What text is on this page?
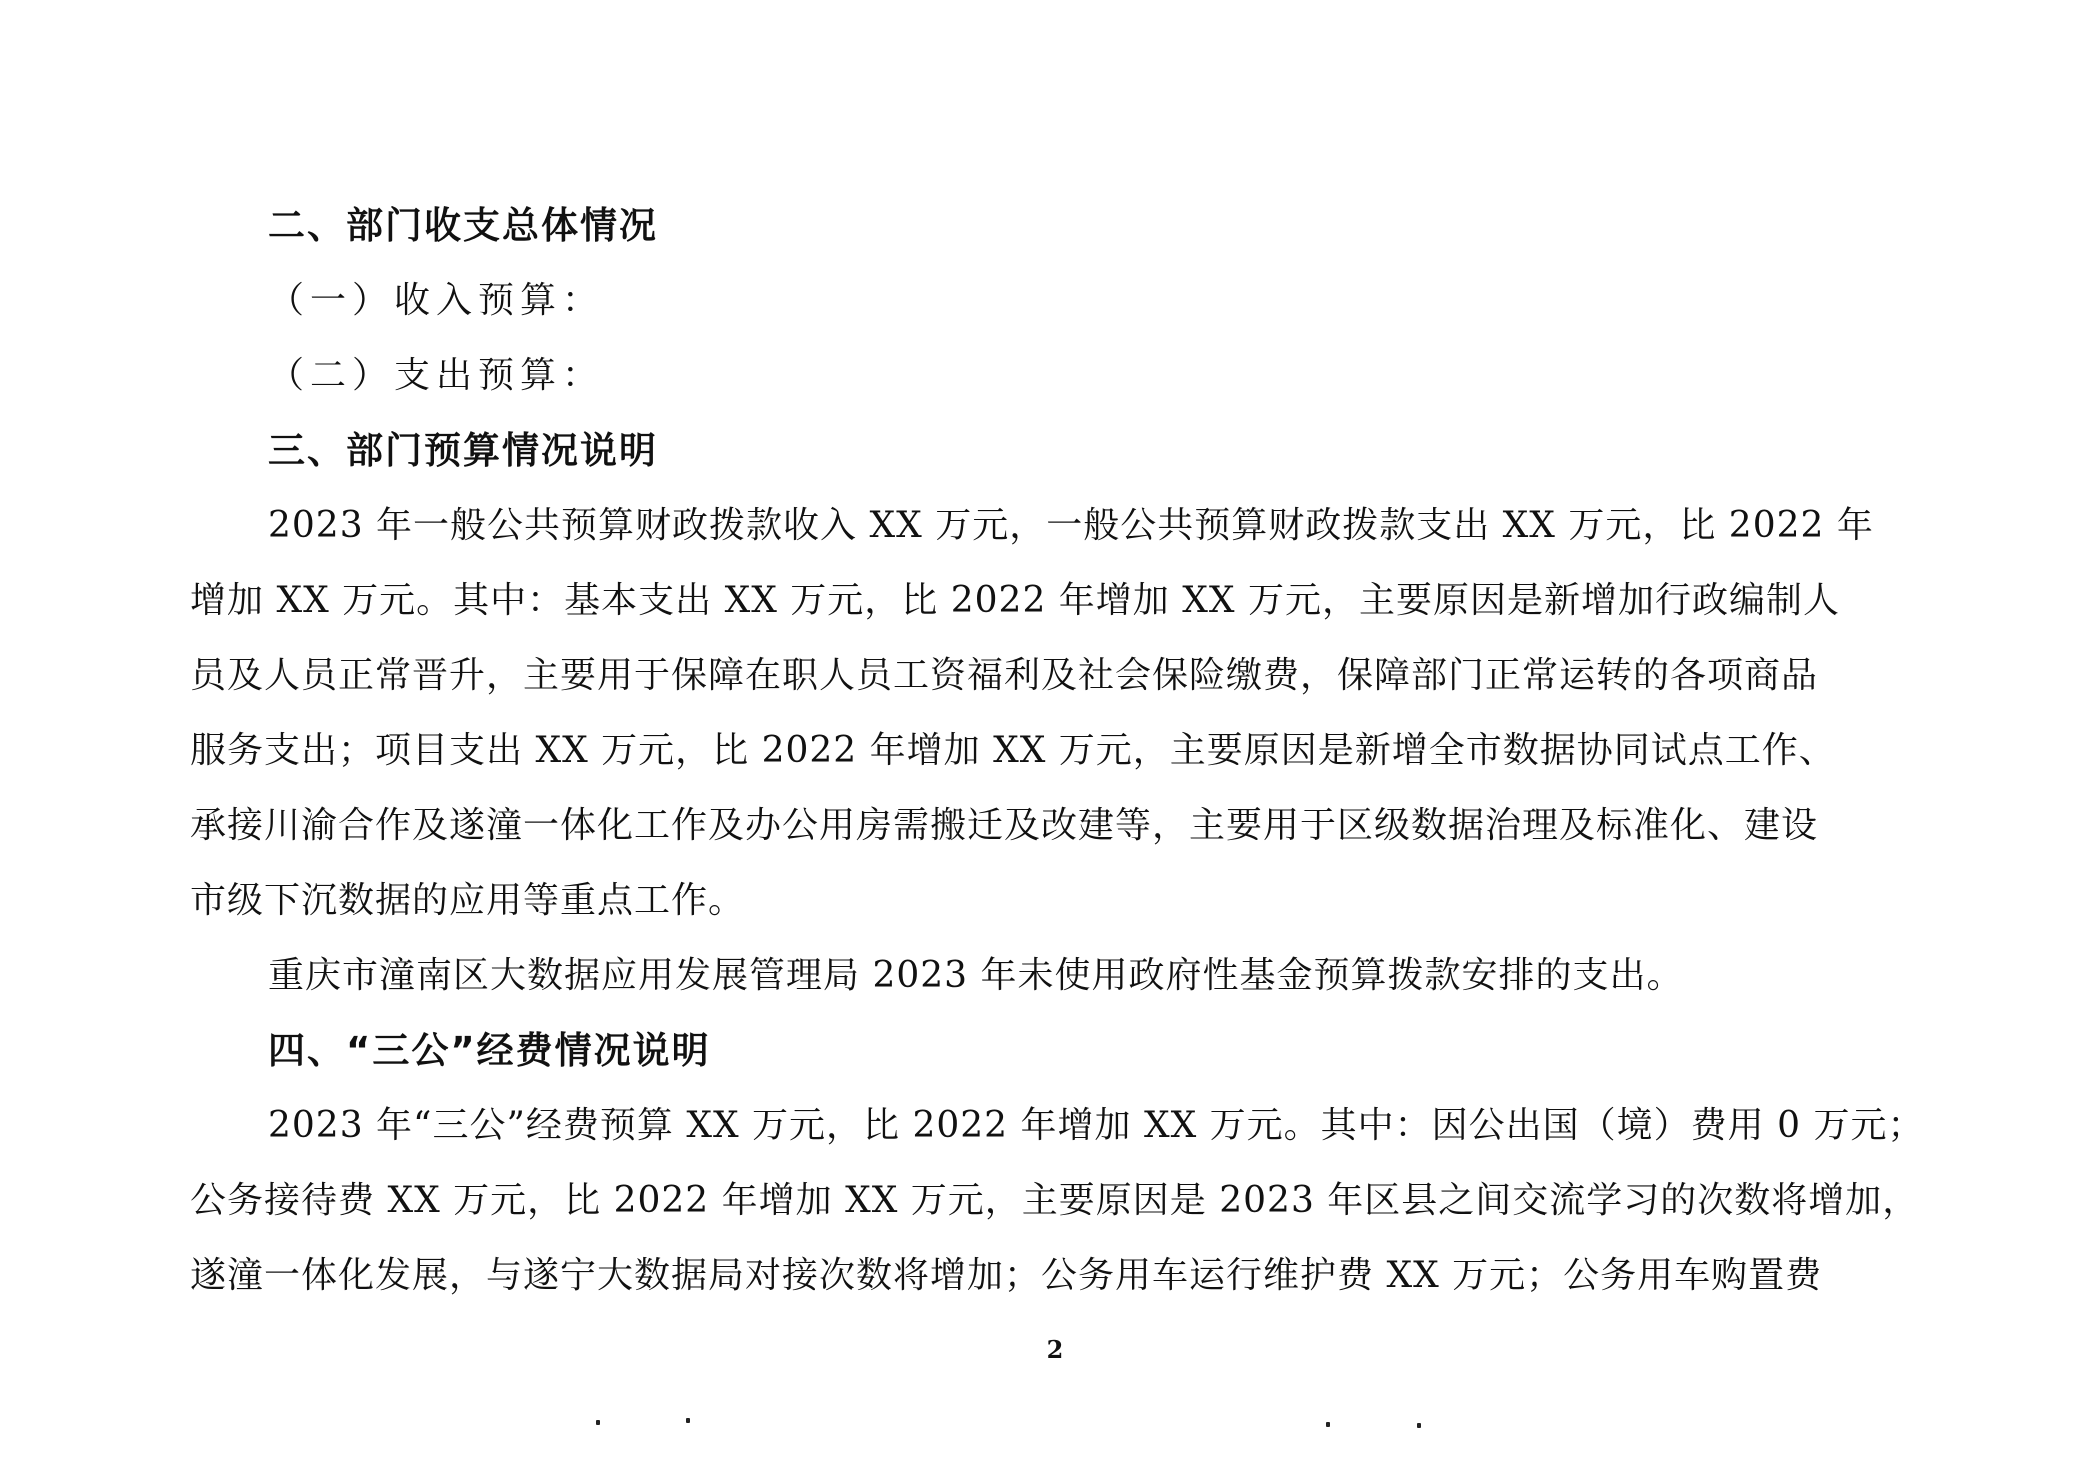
二、部门收支总体情况
（一）收入预算：
（二）支出预算：
三、部门预算情况说明
2023 年一般公共预算财政拨款收入 XX 万元，一般公共预算财政拨款支出 XX 万元，比 2022 年
增加 XX 万元。其中：基本支出 XX 万元，比 2022 年增加 XX 万元，主要原因是新增加行政编制人
员及人员正常晋升，主要用于保障在职人员工资福利及社会保险缴费，保障部门正常运转的各项商品
服务支出；项目支出 XX 万元，比 2022 年增加 XX 万元，主要原因是新增全市数据协同试点工作、
承接川渝合作及遂潼一体化工作及办公用房需搬迁及改建等，主要用于区级数据治理及标准化、建设
市级下沉数据的应用等重点工作。
重庆市潼南区大数据应用发展管理局 2023 年未使用政府性基金预算拨款安排的支出。
四、“三公”经费情况说明
2023 年“三公”经费预算 XX 万元，比 2022 年增加 XX 万元。其中：因公出国（境）费用 0 万元；
公务接待费 XX 万元，比 2022 年增加 XX 万元，主要原因是 2023 年区县之间交流学习的次数将增加，
遂潼一体化发展，与遂宁大数据局对接次数将增加；公务用车运行维护费 XX 万元；公务用车购置费
2
